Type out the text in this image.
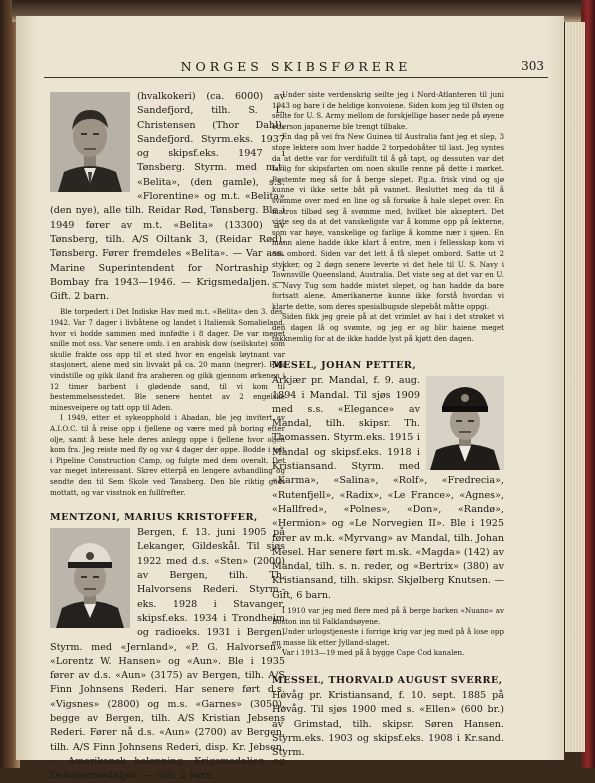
NORGES SKIBSFØRERE	303

(hvalkokeri) (ca. 6000) av Sandefjord, tilh. S. L. Christensen (Thor Dahl), Sandefjord. Styrm.eks. 1937 og skipsf.eks. 1947 i Tønsberg. Styrm. med m.t. «Belita», (den gamle), s.s. «Florentine» og m.t. «Belita» (den nye), alle tilh. Reidar Rød, Tønsberg. Ble i 1949 fører av m.t. «Belita» (13300) av Tønsberg, tilh. A/S Oiltank 3, (Reidar Rød), Tønsberg. Fører fremdeles «Belita». — Var ass. Marine Superintendent for Nortraship i Bombay fra 1943—1946. — Krigsmedaljen. — Gift. 2 barn.

Ble torpedert i Det Indiske Hav med m.t. «Belita» den 3. des. 1942. Var 7 dager i livbåtene og landet i Italiensk Somalieland, hvor vi bodde sammen med innfødte i 8 dager. De var meget snille mot oss. Var senere omb. i en arabisk dow (seilskute) som skulle frakte oss opp til et sted hvor en engelsk løytnant var stasjonert, alene med sin livvakt på ca. 20 mann (negrer). Fikk vindstille og gikk iland fra araberen og gikk gjennom ørkenen i 12 timer barbent i glødende sand, til vi kom til bestemmelsesstedet. Ble senere hentet av 2 engelske minesveipere og tatt opp til Aden.

I 1949, etter et sykeopphold i Abadan, ble jeg invitert av A.I.O.C. til å reise opp i fjellene og være med på boring etter olje, samt å bese hele deres anlegg oppe i fjellene hvor oljen kom fra. Jeg reiste med fly og var 4 dager der oppe. Bodde i telt i Pipeline Construction Camp, og fulgte med dem overalt. Det var meget interessant. Skrev etterpå en lengere avhandling og sendte den til Sem Skole ved Tønsberg. Den ble riktig godt mottatt, og var visstnok en fullfrefter.

MENTZONI, MARIUS KRISTOFFER,

Bergen, f. 13. juni 1905 på Lekanger, Gildeskål. Til sjøs 1922 med d.s. «Sten» (2000) av Bergen, tilh. Th. Halvorsens Rederi. Styrm.-eks. 1928 i Stavanger, skipsf.eks. 1934 i Trondheim og radioeks. 1931 i Bergen. Styrm. med «Jernland», «P. G. Halvorsen», «Lorentz W. Hansen» og «Aun». Ble i 1935 fører av d.s. «Aun» (3175) av Bergen, tilh. A/S Finn Johnsens Rederi. Har senere ført d.s. «Vigsnes» (2800) og m.s. «Garnes» (3050), begge av Bergen, tilh. A/S Kristian Jebsens Rederi. Fører nå d.s. «Aun» (2700) av Bergen, tilh. A/S Finn Johnsens Rederi, disp. Kr. Jebsen. — Amerikansk belønning, Krigsmedaljen og Deltagermedaljen. — Gift. 2 barn.

Under siste verdenskrig seilte jeg i Nord-Atlanteren til juni 1943 og bare i de heldige konvoiene. Siden kom jeg til Østen og seilte for U. S. Army mellom de forskjellige baser nede på øyene etterson japanerne ble trengt tilbake.

En dag på vei fra New Guinea til Australia fant jeg et slep, 3 store lektere som hver hadde 2 torpedobåter til last. Jeg syntes da at dette var for verdifullt til å gå tapt, og dessuten var det farlig for skipsfarten om noen skulle renne på dette i mørket. Bestemte meg så for å berge slepet. P.g.a. frisk vind og sjø kunne vi ikke sette båt på vannet. Besluttet meg da til å svømme over med en line og så forsøke å hale slepet over. En matros tilbød seg å svømme med, hvilket ble akseptert. Det viste seg da at det vanskeligste var å komme opp på lekterne, som var høye, vanskelige og farlige å komme nær i sjøen. En mann alene hadde ikke klart å entre, men i fellesskap kom vi oss ombord. Siden var det lett å få slepet ombord. Satte ut 2 stykker, og 2 døgn senere leverte vi det hele til U. S. Navy i Townsville Queensland, Australia. Det viste seg at det var en U. S. Navy Tug som hadde mistet slepet, og han hadde da bare fortsatt alene. Amerikanerne kunne ikke forstå hvordan vi klarte dette, som deres spesialbugsde slepebåt måtte oppgi.

Siden fikk jeg greie på at det vrimlet av hai i det strøket vi den dagen lå og svømte, og jeg er og blir haiene meget takknemlig for at de ikke hadde lyst på kjøtt den dagen.

MESEL, JOHAN PETTER,

Arkjær pr. Mandal, f. 9. aug. 1894 i Mandal. Til sjøs 1909 med s.s. «Elegance» av Mandal, tilh. skipsr. Th. Thomassen. Styrm.eks. 1915 i Mandal og skipsf.eks. 1918 i Kristiansand. Styrm. med «Karma», «Salina», «Rolf», «Fredrecia», «Rutenfjell», «Radix», «Le France», «Agnes», «Hallfred», «Polnes», «Don», «Randø», «Hermion» og «Le Norvegien II». Ble i 1925 fører av m.k. «Myrvang» av Mandal, tilh. Johan Mesel. Har senere ført m.sk. «Magda» (142) av Mandal, tilh. s. n. reder, og «Bertrix» (380) av Kristiansand, tilh. skipsr. Skjølberg Knutsen. — Gift, 6 barn.

I 1910 var jeg med flere med på å berge barken «Nuano» av Boston inn til Falklandsøyene.

Under urlogstjeneste i forrige krig var jeg med på å lose opp en masse lik etter Jylland-slaget.

Var i 1913—19 med på å bygge Cape Cod kanalen.

MESSEL, THORVALD AUGUST SVERRE,

Høvåg pr. Kristiansand, f. 10. sept. 1885 på Høvåg. Til sjøs 1900 med s. «Ellen» (600 br.) av Grimstad, tilh. skipsr. Søren Hansen. Styrm.eks. 1903 og skipsf.eks. 1908 i Kr.sand. Styrm.
